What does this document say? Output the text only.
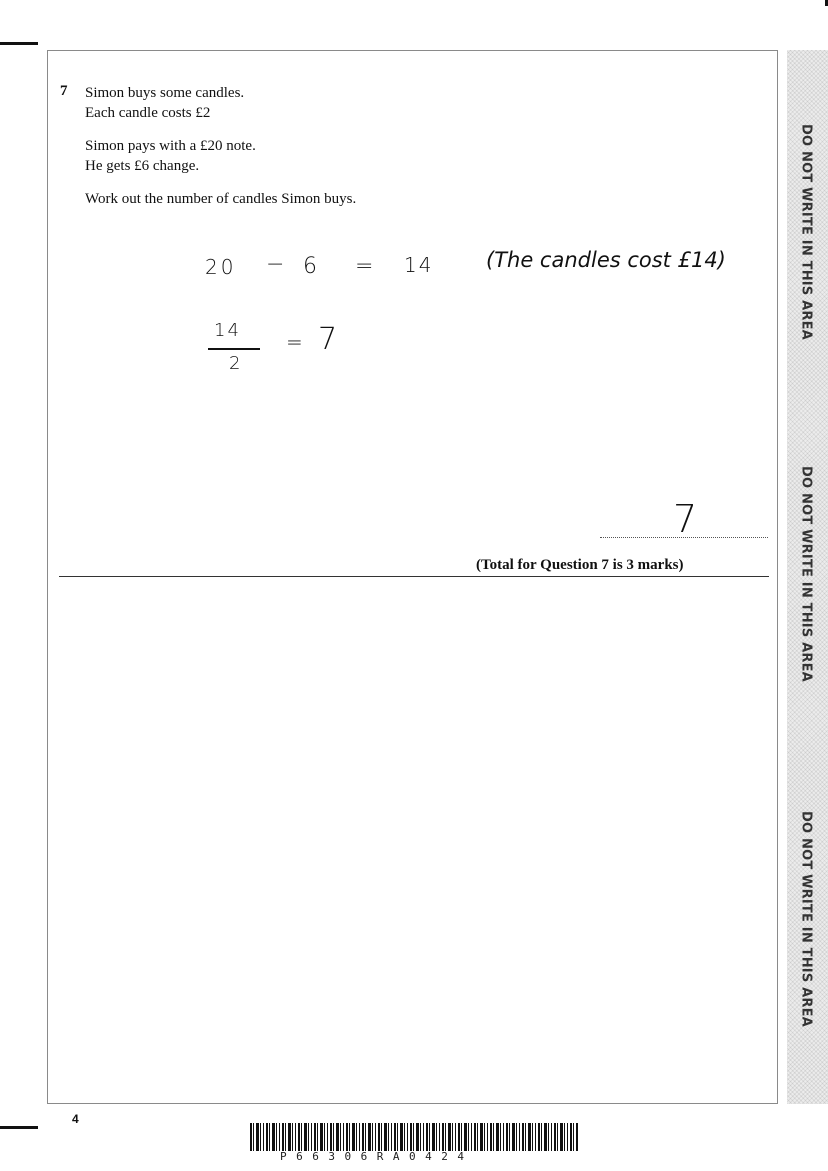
DO NOT WRITE IN THIS AREA
DO NOT WRITE IN THIS AREA
DO NOT WRITE IN THIS AREA
7 Simon buys some candles.
Each candle costs £2
Simon pays with a £20 note.
He gets £6 change.
Work out the number of candles Simon buys.
20 − 6 = 14	(The candles cost £14)
14
2
= 7
7
(Total for Question 7 is 3 marks)
4
P66306RA0424
